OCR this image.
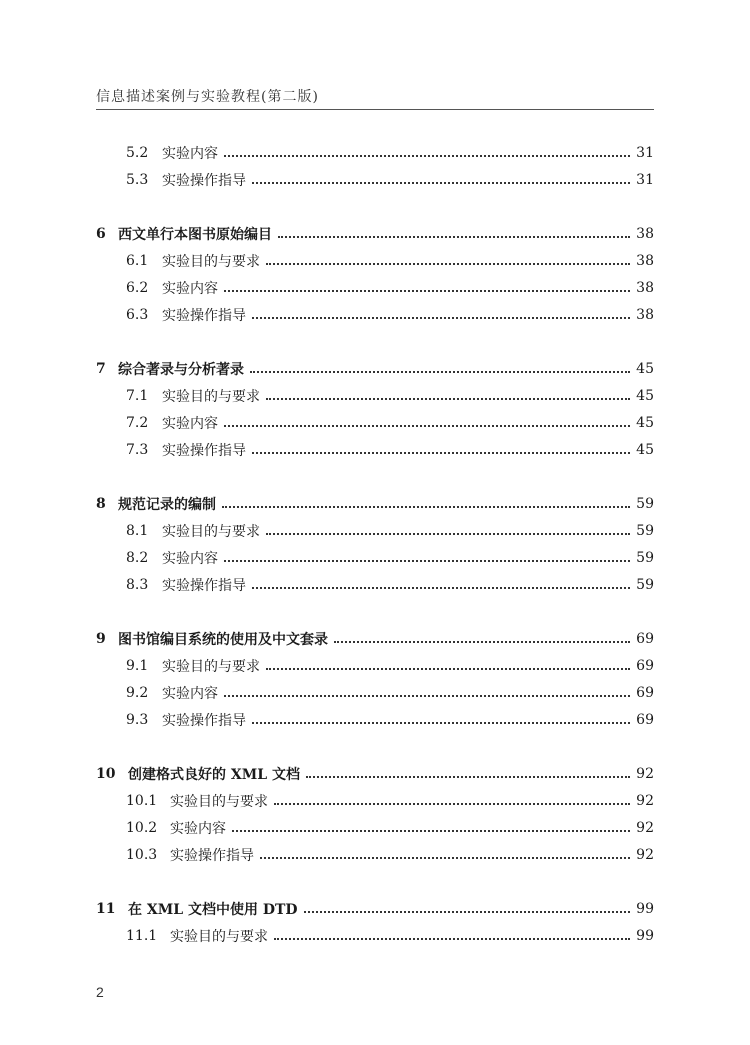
信息描述案例与实验教程(第二版)
5.2 实验内容	31
5.3 实验操作指导	31
6 西文单行本图书原始编目	38
6.1 实验目的与要求	38
6.2 实验内容	38
6.3 实验操作指导	38
7 综合著录与分析著录	45
7.1 实验目的与要求	45
7.2 实验内容	45
7.3 实验操作指导	45
8 规范记录的编制	59
8.1 实验目的与要求	59
8.2 实验内容	59
8.3 实验操作指导	59
9 图书馆编目系统的使用及中文套录	69
9.1 实验目的与要求	69
9.2 实验内容	69
9.3 实验操作指导	69
10 创建格式良好的 XML 文档	92
10.1 实验目的与要求	92
10.2 实验内容	92
10.3 实验操作指导	92
11 在 XML 文档中使用 DTD	99
11.1 实验目的与要求	99
2
